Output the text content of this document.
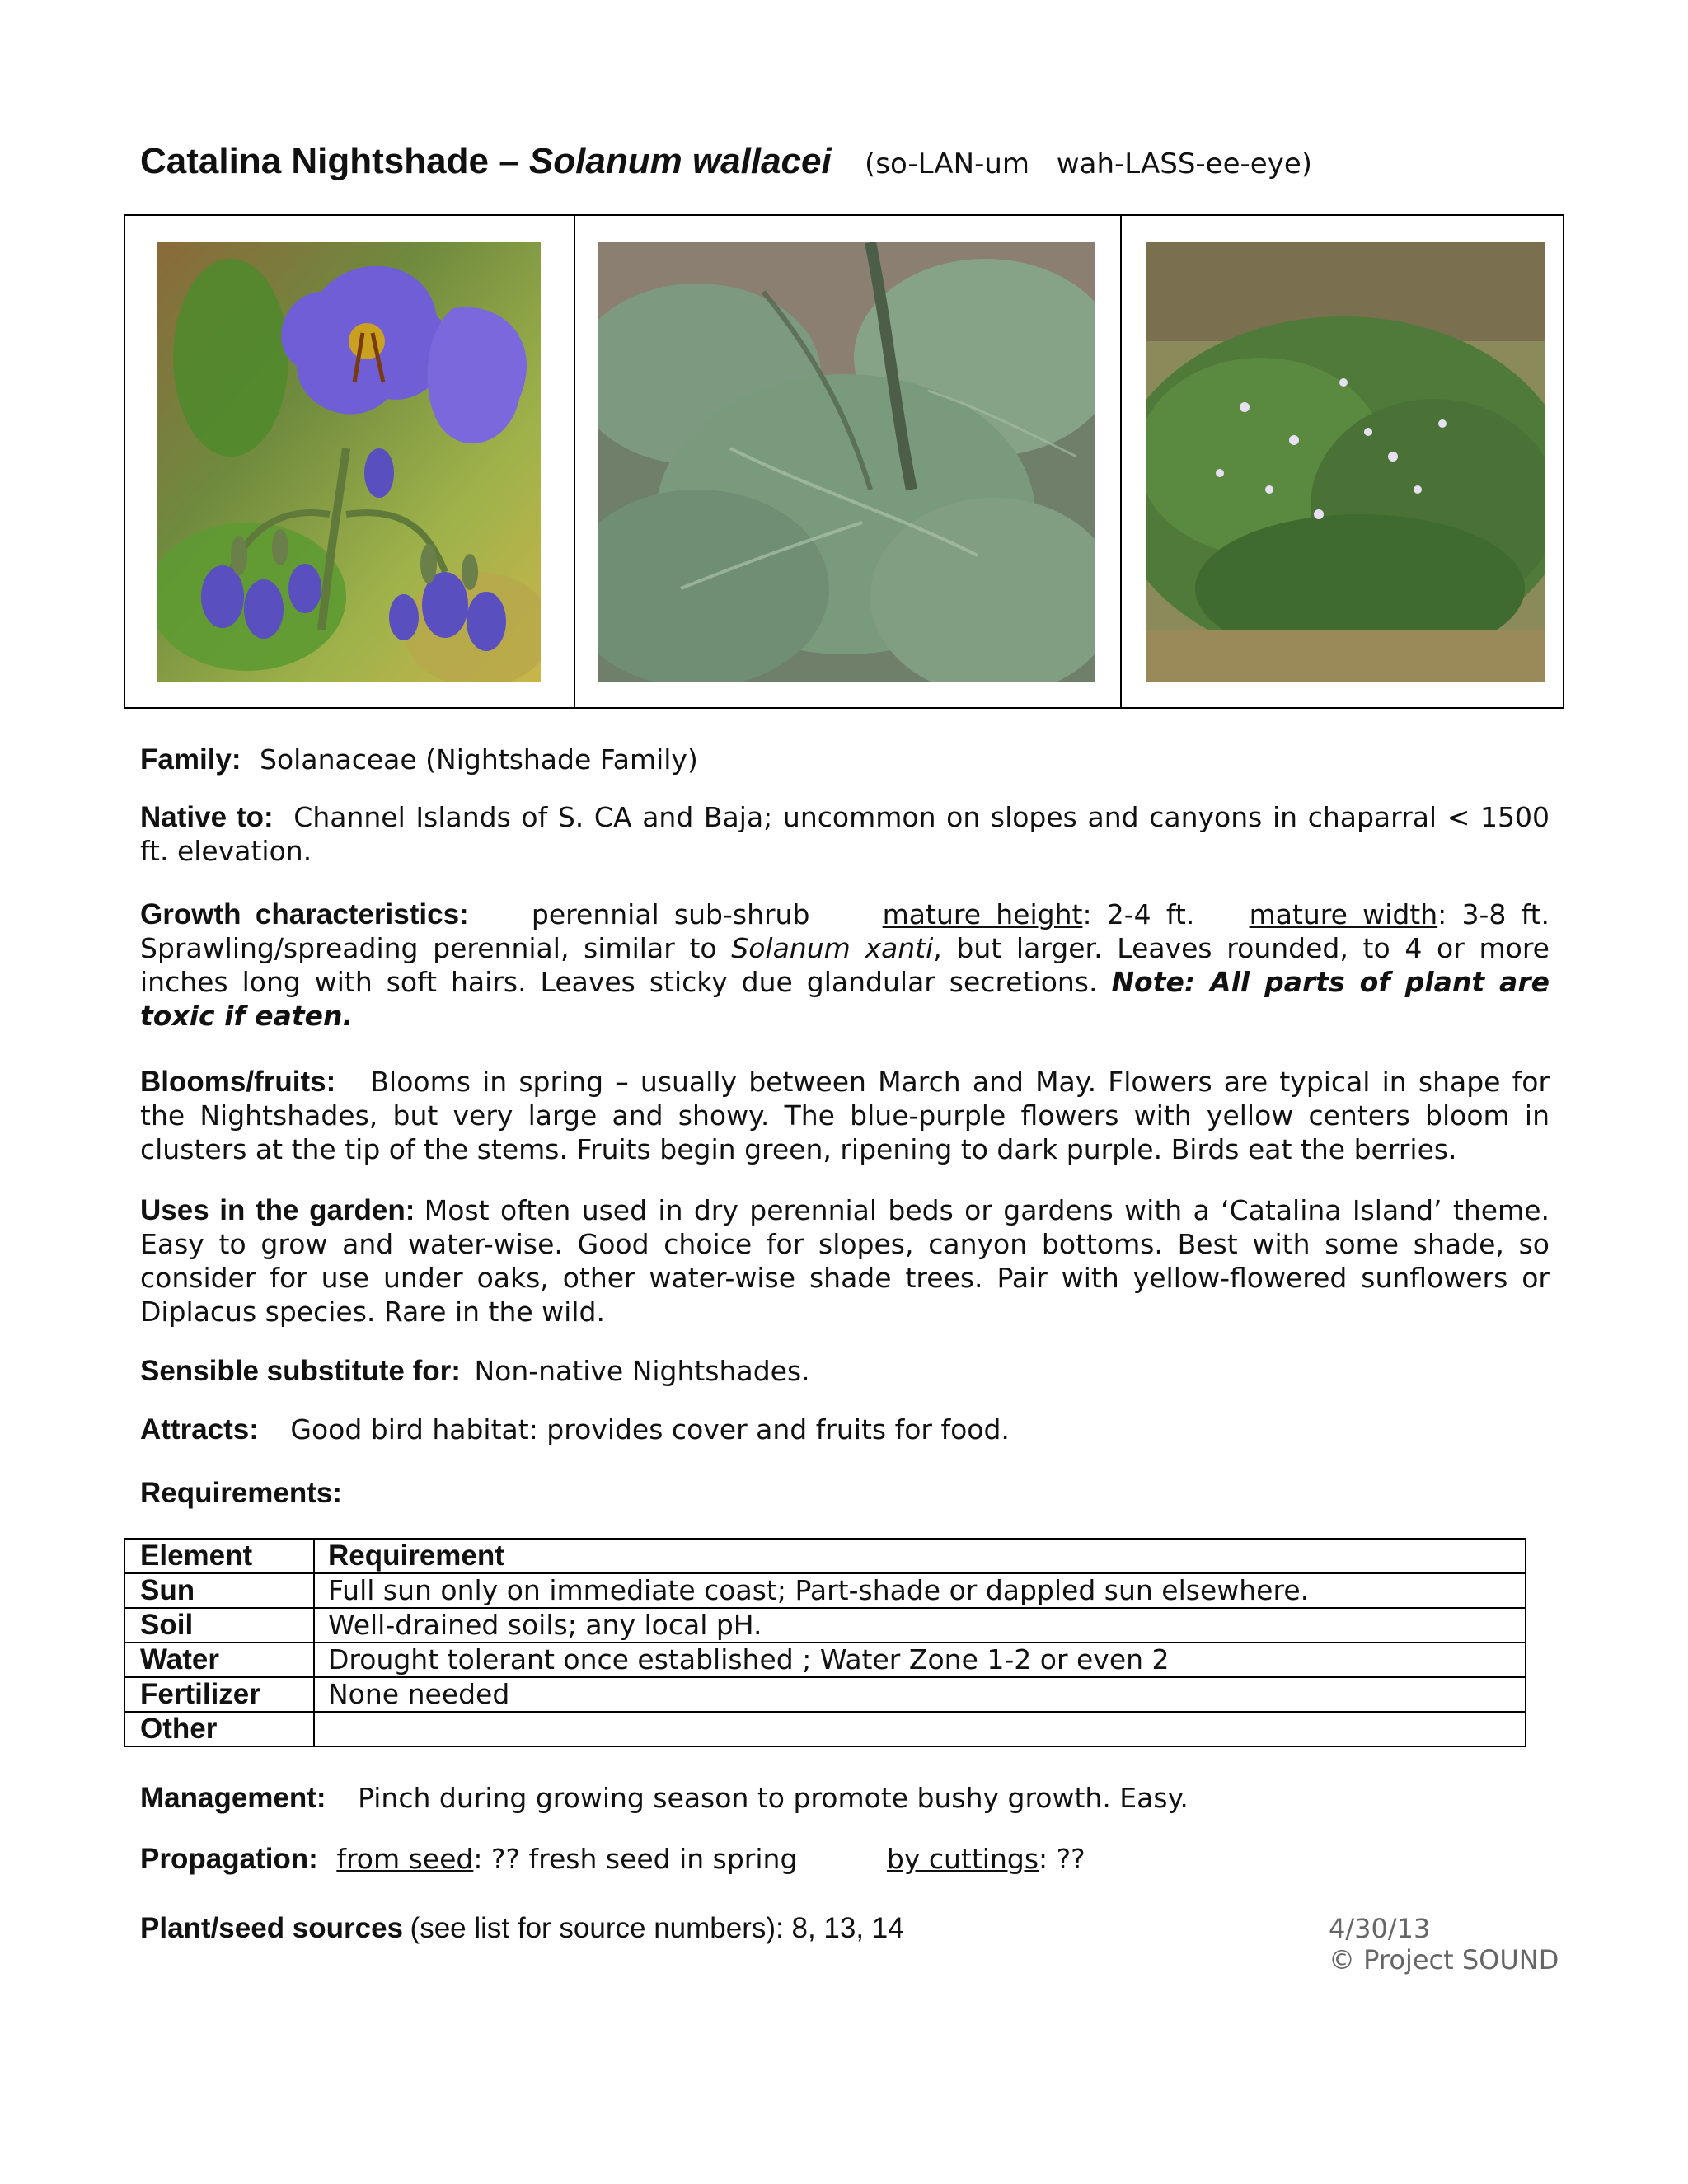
Catalina Nightshade – Solanum wallacei (so-LAN-um wah-LASS-ee-eye)
Family: Solanaceae (Nightshade Family)
Native to: Channel Islands of S. CA and Baja; uncommon on slopes and canyons in chaparral < 1500 ft. elevation.
Growth characteristics: perennial sub-shrub	mature height: 2-4 ft. mature width: 3-8 ft. Sprawling/spreading perennial, similar to Solanum xanti, but larger. Leaves rounded, to 4 or more inches long with soft hairs. Leaves sticky due glandular secretions. Note: All parts of plant are toxic if eaten.
Blooms/fruits: Blooms in spring – usually between March and May. Flowers are typical in shape for the Nightshades, but very large and showy. The blue-purple flowers with yellow centers bloom in clusters at the tip of the stems. Fruits begin green, ripening to dark purple. Birds eat the berries.
Uses in the garden: Most often used in dry perennial beds or gardens with a ‘Catalina Island’ theme. Easy to grow and water-wise. Good choice for slopes, canyon bottoms. Best with some shade, so consider for use under oaks, other water-wise shade trees. Pair with yellow-flowered sunflowers or Diplacus species. Rare in the wild.
Sensible substitute for: Non-native Nightshades.
Attracts: Good bird habitat: provides cover and fruits for food.
Requirements:
Element	Requirement
Sun	Full sun only on immediate coast; Part-shade or dappled sun elsewhere.
Soil	Well-drained soils; any local pH.
Water	Drought tolerant once established ; Water Zone 1-2 or even 2
Fertilizer	None needed
Other	
Management: Pinch during growing season to promote bushy growth. Easy.
Propagation: from seed: ?? fresh seed in spring	by cuttings: ??
Plant/seed sources (see list for source numbers): 8, 13, 14	4/30/13
© Project SOUND
